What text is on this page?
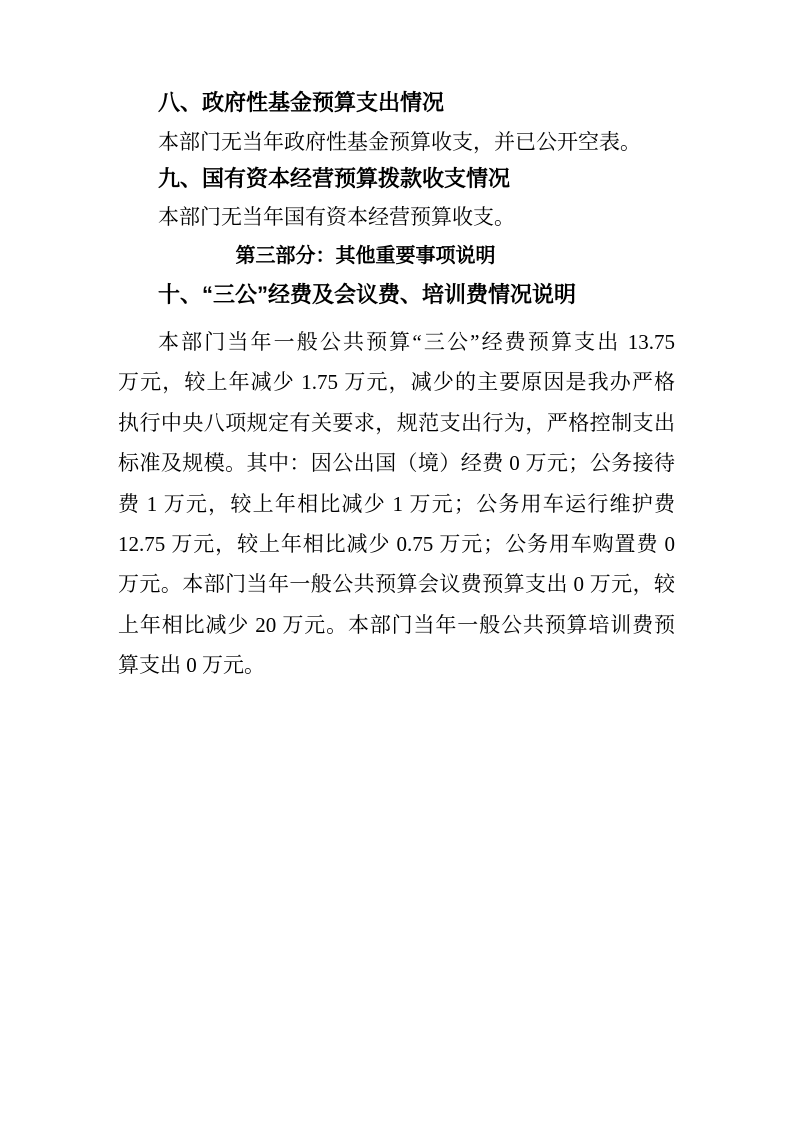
八、政府性基金预算支出情况
本部门无当年政府性基金预算收支，并已公开空表。
九、国有资本经营预算拨款收支情况
本部门无当年国有资本经营预算收支。
第三部分：其他重要事项说明
十、“三公”经费及会议费、培训费情况说明
本部门当年一般公共预算“三公”经费预算支出 13.75
万元，较上年减少 1.75 万元，减少的主要原因是我办严格
执行中央八项规定有关要求，规范支出行为，严格控制支出
标准及规模。其中：因公出国（境）经费 0 万元；公务接待
费 1 万元，较上年相比减少 1 万元；公务用车运行维护费
12.75 万元，较上年相比减少 0.75 万元；公务用车购置费 0
万元。本部门当年一般公共预算会议费预算支出 0 万元，较
上年相比减少 20 万元。本部门当年一般公共预算培训费预
算支出 0 万元。
